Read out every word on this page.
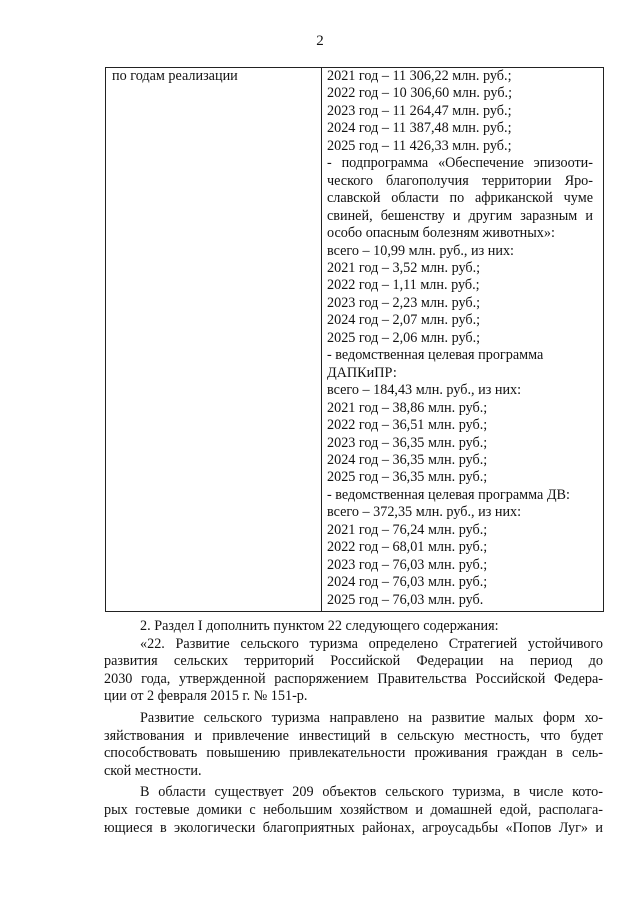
2
по годам реализации	2021 год – 11 306,22 млн. руб.;
2022 год – 10 306,60 млн. руб.;
2023 год – 11 264,47 млн. руб.;
2024 год – 11 387,48 млн. руб.;
2025 год – 11 426,33 млн. руб.;
- подпрограмма «Обеспечение эпизооти-
ческого благополучия территории Яро-
славской области по африканской чуме
свиней, бешенству и другим заразным и
особо опасным болезням животных»:
всего – 10,99 млн. руб., из них:
2021 год – 3,52 млн. руб.;
2022 год – 1,11 млн. руб.;
2023 год – 2,23 млн. руб.;
2024 год – 2,07 млн. руб.;
2025 год – 2,06 млн. руб.;
- ведомственная целевая программа
ДАПКиПР:
всего – 184,43 млн. руб., из них:
2021 год – 38,86 млн. руб.;
2022 год – 36,51 млн. руб.;
2023 год – 36,35 млн. руб.;
2024 год – 36,35 млн. руб.;
2025 год – 36,35 млн. руб.;
- ведомственная целевая программа ДВ:
всего – 372,35 млн. руб., из них:
2021 год – 76,24 млн. руб.;
2022 год – 68,01 млн. руб.;
2023 год – 76,03 млн. руб.;
2024 год – 76,03 млн. руб.;
2025 год – 76,03 млн. руб.
2. Раздел I дополнить пунктом 22 следующего содержания:
«22. Развитие сельского туризма определено Стратегией устойчивого
развития сельских территорий Российской Федерации на период до
2030 года, утвержденной распоряжением Правительства Российской Федера-
ции от 2 февраля 2015 г. № 151-р.
Развитие сельского туризма направлено на развитие малых форм хо-
зяйствования и привлечение инвестиций в сельскую местность, что будет
способствовать повышению привлекательности проживания граждан в сель-
ской местности.
В области существует 209 объектов сельского туризма, в числе кото-
рых гостевые домики с небольшим хозяйством и домашней едой, располага-
ющиеся в экологически благоприятных районах, агроусадьбы «Попов Луг» и
